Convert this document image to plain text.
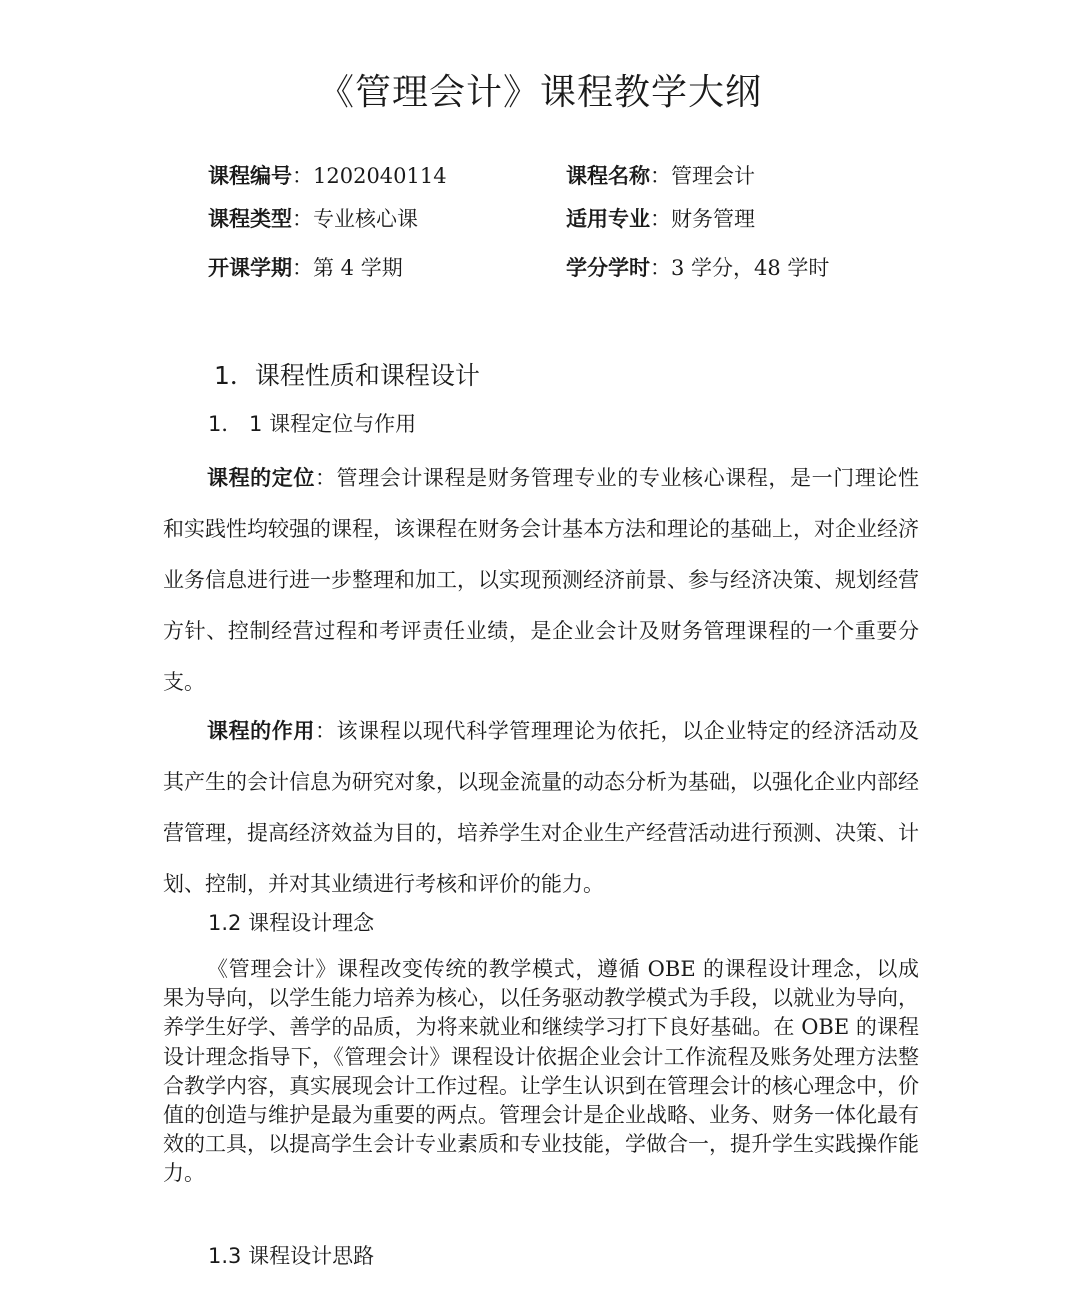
《管理会计》课程教学大纲
课程编号：1202040114	课程名称：管理会计
课程类型：专业核心课	适用专业：财务管理
开课学期：第 4 学期	学分学时：3 学分，48 学时
1．课程性质和课程设计
1． 1 课程定位与作用
课程的定位：管理会计课程是财务管理专业的专业核心课程，是一门理论性和实践性均较强的课程，该课程在财务会计基本方法和理论的基础上，对企业经济业务信息进行进一步整理和加工，以实现预测经济前景、参与经济决策、规划经营方针、控制经营过程和考评责任业绩，是企业会计及财务管理课程的一个重要分支。
课程的作用：该课程以现代科学管理理论为依托，以企业特定的经济活动及其产生的会计信息为研究对象，以现金流量的动态分析为基础，以强化企业内部经营管理，提高经济效益为目的，培养学生对企业生产经营活动进行预测、决策、计划、控制，并对其业绩进行考核和评价的能力。
1.2 课程设计理念
《管理会计》课程改变传统的教学模式，遵循 OBE 的课程设计理念，以成果为导向，以学生能力培养为核心，以任务驱动教学模式为手段，以就业为导向，养学生好学、善学的品质，为将来就业和继续学习打下良好基础。在 OBE 的课程设计理念指导下，《管理会计》课程设计依据企业会计工作流程及账务处理方法整合教学内容，真实展现会计工作过程。让学生认识到在管理会计的核心理念中，价值的创造与维护是最为重要的两点。管理会计是企业战略、业务、财务一体化最有效的工具，以提高学生会计专业素质和专业技能，学做合一，提升学生实践操作能力。
1.3 课程设计思路
